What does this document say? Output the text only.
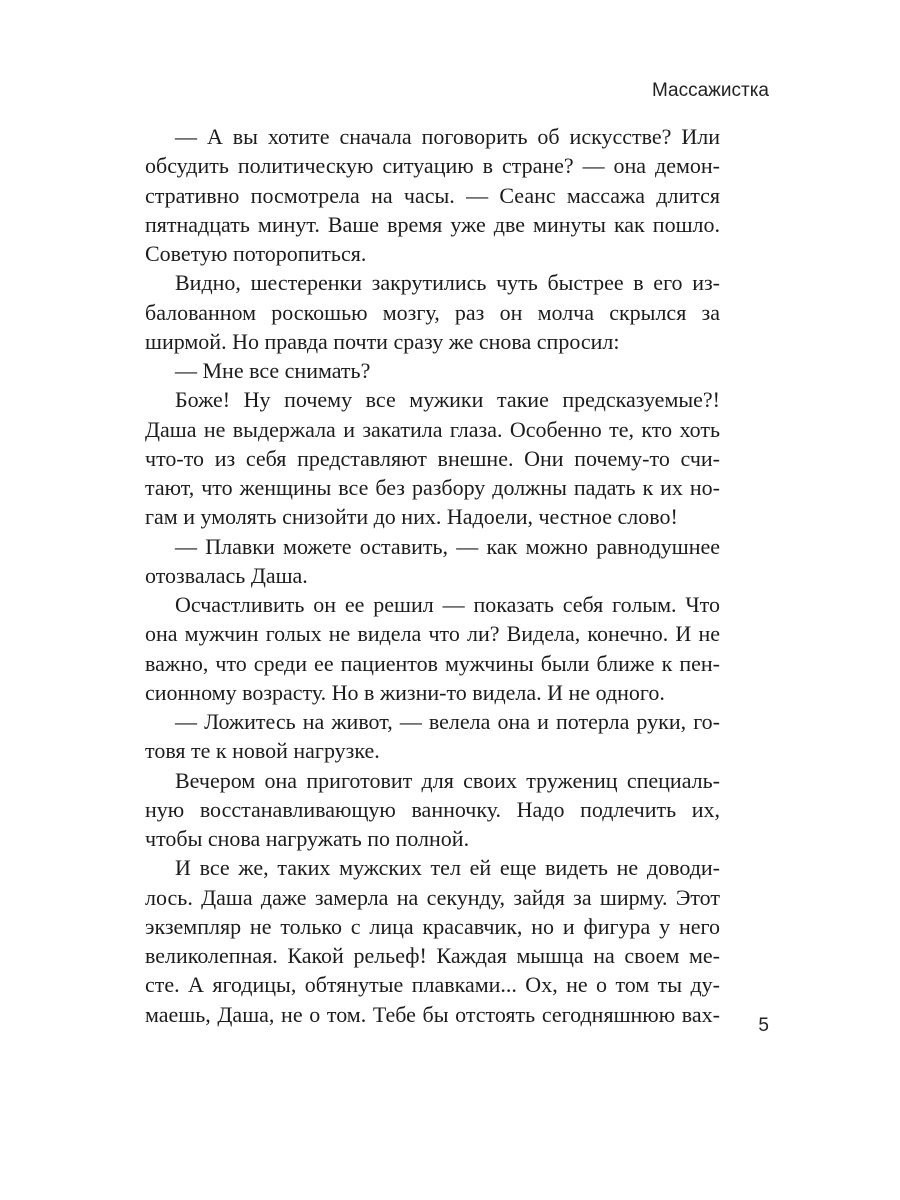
Массажистка
— А вы хотите сначала поговорить об искусстве? Или
обсудить политическую ситуацию в стране? — она демон-
стративно посмотрела на часы. — Сеанс массажа длится
пятнадцать минут. Ваше время уже две минуты как пошло.
Советую поторопиться.
Видно, шестеренки закрутились чуть быстрее в его из-
балованном роскошью мозгу, раз он молча скрылся за
ширмой. Но правда почти сразу же снова спросил:
— Мне все снимать?
Боже! Ну почему все мужики такие предсказуемые?!
Даша не выдержала и закатила глаза. Особенно те, кто хоть
что-то из себя представляют внешне. Они почему-то счи-
тают, что женщины все без разбору должны падать к их но-
гам и умолять снизойти до них. Надоели, честное слово!
— Плавки можете оставить, — как можно равнодушнее
отозвалась Даша.
Осчастливить он ее решил — показать себя голым. Что
она мужчин голых не видела что ли? Видела, конечно. И не
важно, что среди ее пациентов мужчины были ближе к пен-
сионному возрасту. Но в жизни-то видела. И не одного.
— Ложитесь на живот, — велела она и потерла руки, го-
товя те к новой нагрузке.
Вечером она приготовит для своих тружениц специаль-
ную восстанавливающую ванночку. Надо подлечить их,
чтобы снова нагружать по полной.
И все же, таких мужских тел ей еще видеть не доводи-
лось. Даша даже замерла на секунду, зайдя за ширму. Этот
экземпляр не только с лица красавчик, но и фигура у него
великолепная. Какой рельеф! Каждая мышца на своем ме-
сте. А ягодицы, обтянутые плавками... Ох, не о том ты ду-
маешь, Даша, не о том. Тебе бы отстоять сегодняшнюю вах- 5
